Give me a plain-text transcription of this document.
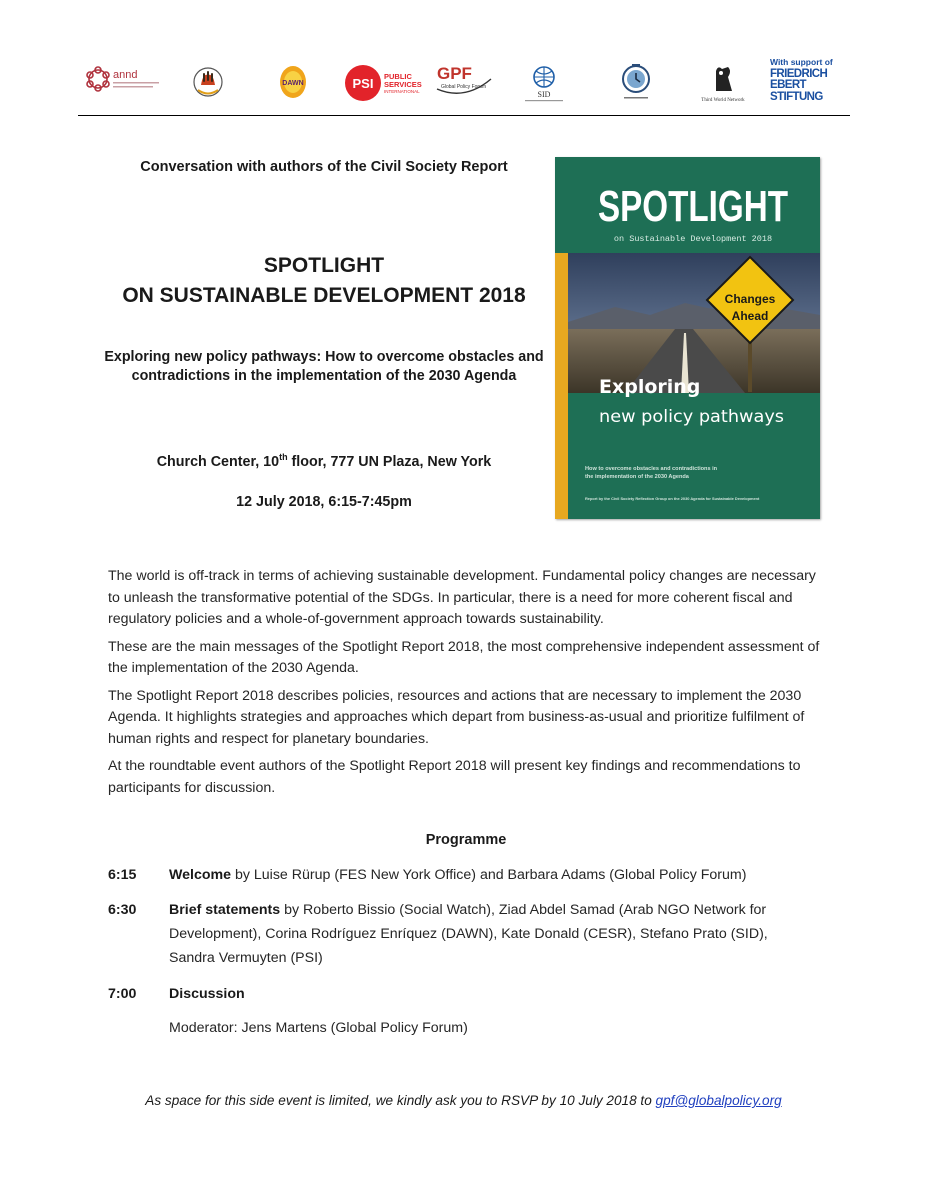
annd
DAWN	PSI PUBLIC
SERVICES
INTERNATIONAL
GPF
Global Policy Forum
SID
Third World Network
With support of
FRIEDRICH
EBERT
STIFTUNG
Conversation with authors of the Civil Society Report
SPOTLIGHT
ON SUSTAINABLE DEVELOPMENT 2018
Exploring new policy pathways: How to overcome obstacles and contradictions in the implementation of the 2030 Agenda
Church Center, 10th floor, 777 UN Plaza, New York
12 July 2018, 6:15-7:45pm
SPOTLIGHT
on Sustainable Development 2018
Changes
Ahead
Exploring
new policy pathways
How to overcome obstacles and contradictions in
the implementation of the 2030 Agenda
Report by the Civil Society Reflection Group on the 2030 Agenda for Sustainable Development

The world is off-track in terms of achieving sustainable development. Fundamental policy changes are necessary to unleash the transformative potential of the SDGs. In particular, there is a need for more coherent fiscal and regulatory policies and a whole-of-government approach towards sustainability.

These are the main messages of the Spotlight Report 2018, the most comprehensive independent assessment of the implementation of the 2030 Agenda.

The Spotlight Report 2018 describes policies, resources and actions that are necessary to implement the 2030 Agenda. It highlights strategies and approaches which depart from business-as-usual and prioritize fulfilment of human rights and respect for planetary boundaries.

At the roundtable event authors of the Spotlight Report 2018 will present key findings and recommendations to participants for discussion.

Programme
6:15 Welcome by Luise Rürup (FES New York Office) and Barbara Adams (Global Policy Forum)
6:30 Brief statements by Roberto Bissio (Social Watch), Ziad Abdel Samad (Arab NGO Network for Development), Corina Rodríguez Enríquez (DAWN), Kate Donald (CESR), Stefano Prato (SID), Sandra Vermuyten (PSI)
7:00 Discussion
Moderator: Jens Martens (Global Policy Forum)
As space for this side event is limited, we kindly ask you to RSVP by 10 July 2018 to gpf@globalpolicy.org
